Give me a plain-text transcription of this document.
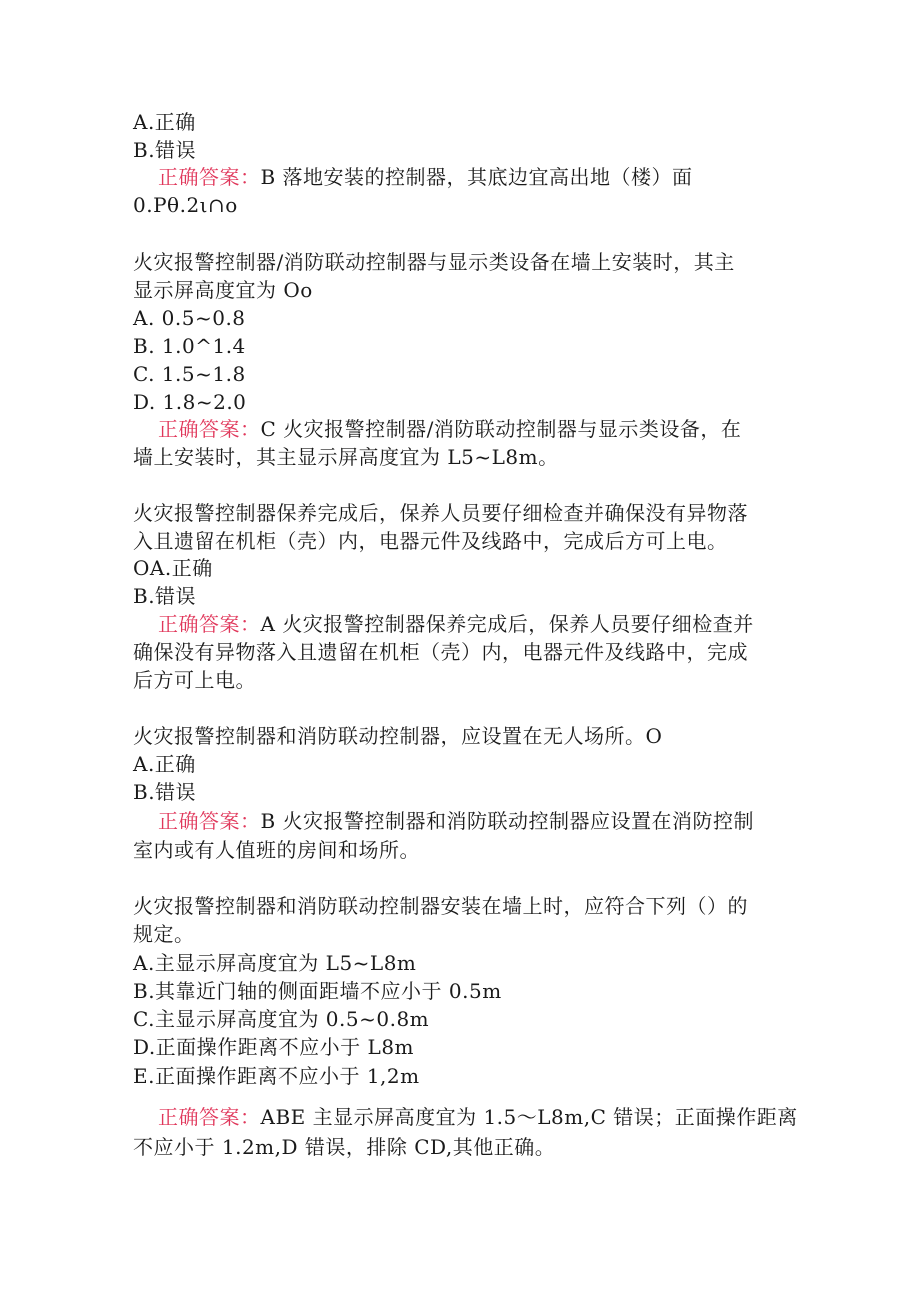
A.正确
B.错误
正确答案：B 落地安装的控制器，其底边宜高出地（楼）面
0.Pθ.2ι∩o
火灾报警控制器/消防联动控制器与显示类设备在墙上安装时，其主
显示屏高度宜为 Oo
A. 0.5~0.8
B. 1.0^1.4
C. 1.5~1.8
D. 1.8~2.0
正确答案：C 火灾报警控制器/消防联动控制器与显示类设备，在
墙上安装时，其主显示屏高度宜为 L5~L8m。
火灾报警控制器保养完成后，保养人员要仔细检查并确保没有异物落
入且遗留在机柜（壳）内，电器元件及线路中，完成后方可上电。
OA.正确
B.错误
正确答案：A 火灾报警控制器保养完成后，保养人员要仔细检查并
确保没有异物落入且遗留在机柜（壳）内，电器元件及线路中，完成
后方可上电。
火灾报警控制器和消防联动控制器，应设置在无人场所。O
A.正确
B.错误
正确答案：B 火灾报警控制器和消防联动控制器应设置在消防控制
室内或有人值班的房间和场所。
火灾报警控制器和消防联动控制器安装在墙上时，应符合下列（）的
规定。
A.主显示屏高度宜为 L5~L8m
B.其靠近门轴的侧面距墙不应小于 0.5m
C.主显示屏高度宜为 0.5~0.8m
D.正面操作距离不应小于 L8m
E.正面操作距离不应小于 1,2m
正确答案：ABE 主显示屏高度宜为 1.5～L8m,C 错误；正面操作距离
不应小于 1.2m,D 错误，排除 CD,其他正确。
